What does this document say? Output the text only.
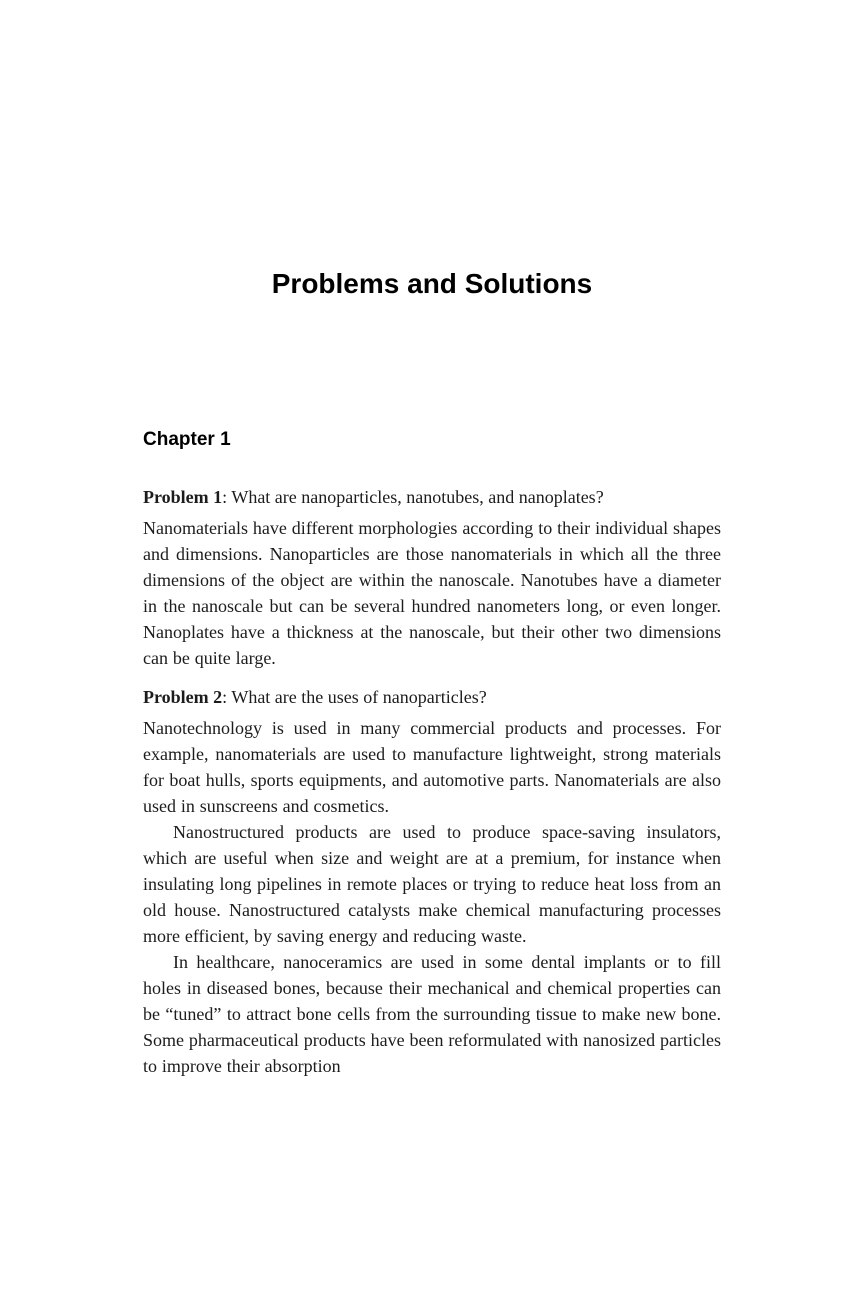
Problems and Solutions
Chapter 1

Problem 1: What are nanoparticles, nanotubes, and nanoplates?

Nanomaterials have different morphologies according to their individual shapes and dimensions. Nanoparticles are those nanomaterials in which all the three dimensions of the object are within the nanoscale. Nanotubes have a diameter in the nanoscale but can be several hundred nanometers long, or even longer. Nanoplates have a thickness at the nanoscale, but their other two dimensions can be quite large.

Problem 2: What are the uses of nanoparticles?

Nanotechnology is used in many commercial products and processes. For example, nanomaterials are used to manufacture lightweight, strong materials for boat hulls, sports equipments, and automotive parts. Nanomaterials are also used in sunscreens and cosmetics.

Nanostructured products are used to produce space-saving insulators, which are useful when size and weight are at a premium, for instance when insulating long pipelines in remote places or trying to reduce heat loss from an old house. Nanostructured catalysts make chemical manufacturing processes more efficient, by saving energy and reducing waste.

In healthcare, nanoceramics are used in some dental implants or to fill holes in diseased bones, because their mechanical and chemical properties can be “tuned” to attract bone cells from the surrounding tissue to make new bone. Some pharmaceutical products have been reformulated with nanosized particles to improve their absorption
